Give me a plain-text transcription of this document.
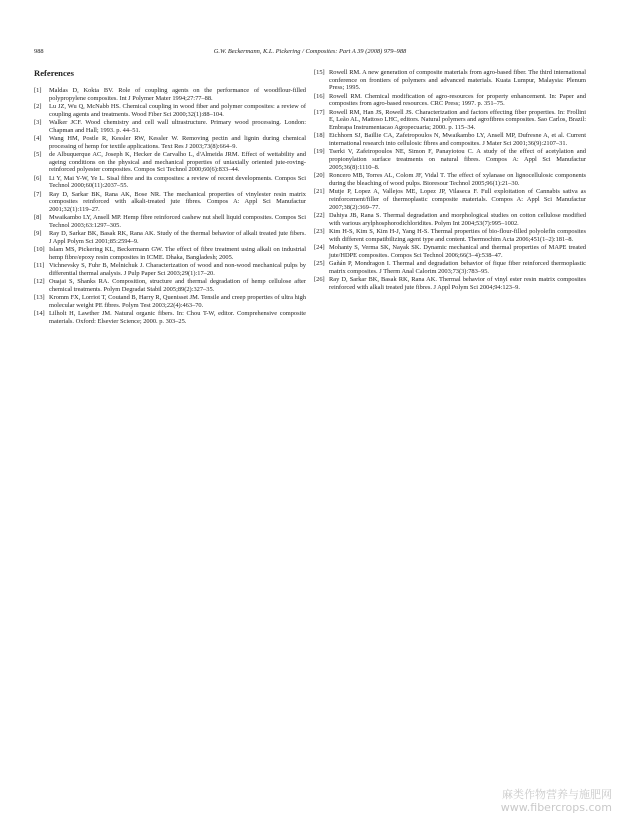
988	G.W. Beckermann, K.L. Pickering / Composites: Part A 39 (2008) 979–988
References
[1] Maldas D, Kokta BV. Role of coupling agents on the performance of woodflour-filled polypropylene composites. Int J Polymer Mater 1994;27:77–88.
[2] Lu JZ, Wu Q, McNabb HS. Chemical coupling in wood fiber and polymer composites: a review of coupling agents and treatments. Wood Fiber Sci 2000;32(1):88–104.
[3] Walker JCF. Wood chemistry and cell wall ultrastructure. Primary wood processing. London: Chapman and Hall; 1993. p. 44–51.
[4] Wang HM, Postle R, Kessler RW, Kessler W. Removing pectin and lignin during chemical processing of hemp for textile applications. Text Res J 2003;73(8):664–9.
[5] de Albuquerque AC, Joseph K, Hecker de Carvalho L, d'Almeida JRM. Effect of wettability and ageing conditions on the physical and mechanical properties of uniaxially oriented jute-roving-reinforced polyester composites. Compos Sci Technol 2000;60(6):833–44.
[6] Li Y, Mai Y-W, Ye L. Sisal fibre and its composites: a review of recent developments. Compos Sci Technol 2000;60(11):2037–55.
[7] Ray D, Sarkar BK, Rana AK, Bose NR. The mechanical properties of vinylester resin matrix composites reinforced with alkali-treated jute fibres. Compos A: Appl Sci Manufactur 2001;32(1):119–27.
[8] Mwaikambo LY, Ansell MP. Hemp fibre reinforced cashew nut shell liquid composites. Compos Sci Technol 2003;63:1297–305.
[9] Ray D, Sarkar BK, Basak RK, Rana AK. Study of the thermal behavior of alkali treated jute fibers. J Appl Polym Sci 2001;85:2594–9.
[10] Islam MS, Pickering KL, Beckermann GW. The effect of fibre treatment using alkali on industrial hemp fibre/epoxy resin composites in ICME. Dhaka, Bangladesh; 2005.
[11] Vichnevsky S, Fuhr B, Melnichuk J. Characterization of wood and non-wood mechanical pulps by differential thermal analysis. J Pulp Paper Sci 2003;29(1):17–20.
[12] Ouajai S, Shanks RA. Composition, structure and thermal degradation of hemp cellulose after chemical treatments. Polym Degradat Stabil 2005;89(2):327–35.
[13] Kromm FX, Lorriot T, Coutand B, Harry R, Quenisset JM. Tensile and creep properties of ultra high molecular weight PE fibres. Polym Test 2003;22(4):463–70.
[14] Lilholt H, Lawther JM. Natural organic fibers. In: Chou T-W, editor. Comprehensive composite materials. Oxford: Elsevier Science; 2000. p. 303–25.
[15] Rowell RM. A new generation of composite materials from agro-based fiber. The third international conference on frontiers of polymers and advanced materials. Kuata Lumpur, Malaysia: Plenum Press; 1995.
[16] Rowell RM. Chemical modification of agro-resources for property enhancement. In: Paper and composites from agro-based resources. CRC Press; 1997. p. 351–75.
[17] Rowell RM, Han JS, Rowell JS. Characterization and factors effecting fiber properties. In: Frollini E, Leão AL, Mattoso LHC, editors. Natural polymers and agrofibres composites. Sao Carlos, Brazil: Embrapa Instrumentacao Agropecuaria; 2000. p. 115–34.
[18] Eichhorn SJ, Baillie CA, Zafeiropoulos N, Mwaikambo LY, Ansell MP, Dufresne A, et al. Current international research into cellulosic fibres and composites. J Mater Sci 2001;36(9):2107–31.
[19] Tserki V, Zafeiropoulos NE, Simon F, Panayiotou C. A study of the effect of acetylation and propionylation surface treatments on natural fibres. Compos A: Appl Sci Manufactur 2005;36(8):1110–8.
[20] Roncero MB, Torres AL, Colom JF, Vidal T. The effect of xylanase on lignocellulosic components during the bleaching of wood pulps. Bioresour Technol 2005;96(1):21–30.
[21] Mutje P, Lopez A, Vallejos ME, Lopez JP, Vilaseca F. Full exploitation of Cannabis sativa as reinforcement/filler of thermoplastic composite materials. Compos A: Appl Sci Manufactur 2007;38(2):369–77.
[22] Dahiya JB, Rana S. Thermal degradation and morphological studies on cotton cellulose modified with various arylphosphorodichloridites. Polym Int 2004;53(7):995–1002.
[23] Kim H-S, Kim S, Kim H-J, Yang H-S. Thermal properties of bio-flour-filled polyolefin composites with different compatibilizing agent type and content. Thermochim Acta 2006;451(1–2):181–8.
[24] Mohanty S, Verma SK, Nayak SK. Dynamic mechanical and thermal properties of MAPE treated jute/HDPE composites. Compos Sci Technol 2006;66(3–4):538–47.
[25] Gañán P, Mondragon I. Thermal and degradation behavior of fique fiber reinforced thermoplastic matrix composites. J Therm Anal Calorim 2003;73(3):783–95.
[26] Ray D, Sarkar BK, Basak RK, Rana AK. Thermal behavior of vinyl ester resin matrix composites reinforced with alkali treated jute fibres. J Appl Polym Sci 2004;94:123–9.
麻类作物营养与施肥网
www.fibercrops.com
